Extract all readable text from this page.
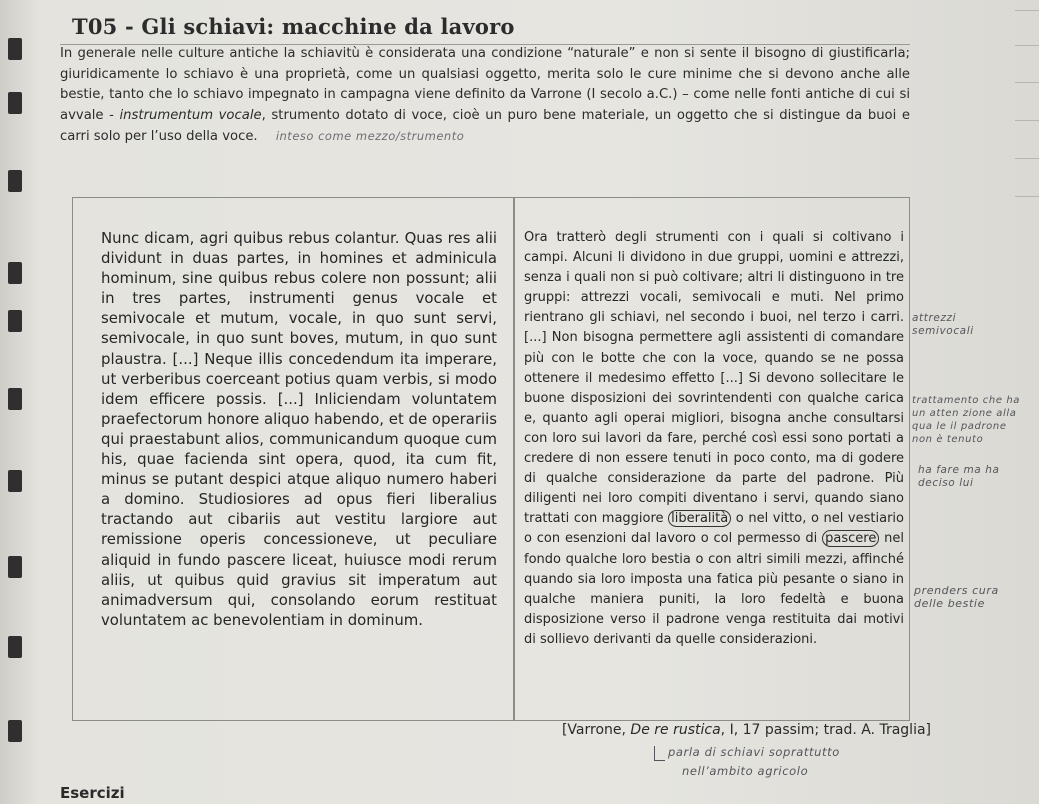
T05 - Gli schiavi: macchine da lavoro

In generale nelle culture antiche la schiavitù è considerata una condizione “naturale” e non si sente il bisogno di giustificarla; giuridicamente lo schiavo è una proprietà, come un qualsiasi oggetto, merita solo le cure minime che si devono anche alle bestie, tanto che lo schiavo impegnato in campagna viene definito da Varrone (I secolo a.C.) – come nelle fonti antiche di cui si avvale - instrumentum vocale, strumento dotato di voce, cioè un puro bene materiale, un oggetto che si distingue da buoi e carri solo per l’uso della voce. inteso come mezzo/strumento

Nunc dicam, agri quibus rebus colantur. Quas res alii dividunt in duas partes, in homines et adminicula hominum, sine quibus rebus colere non possunt; alii in tres partes, instrumenti genus vocale et semivocale et mutum, vocale, in quo sunt servi, semivocale, in quo sunt boves, mutum, in quo sunt plaustra. [...] Neque illis concedendum ita imperare, ut verberibus coerceant potius quam verbis, si modo idem efficere possis. [...] Inliciendam voluntatem praefectorum honore aliquo habendo, et de operariis qui praestabunt alios, communicandum quoque cum his, quae facienda sint opera, quod, ita cum fit, minus se putant despici atque aliquo numero haberi a domino. Studiosiores ad opus fieri liberalius tractando aut cibariis aut vestitu largiore aut remissione operis concessioneve, ut peculiare aliquid in fundo pascere liceat, huiusce modi rerum aliis, ut quibus quid gravius sit imperatum aut animadversum qui, consolando eorum restituat voluntatem ac benevolentiam in dominum.

Ora tratterò degli strumenti con i quali si coltivano i campi. Alcuni li dividono in due gruppi, uomini e attrezzi, senza i quali non si può coltivare; altri li distinguono in tre gruppi: attrezzi vocali, semivocali e muti. Nel primo rientrano gli schiavi, nel secondo i buoi, nel terzo i carri. [...] Non bisogna permettere agli assistenti di comandare più con le botte che con la voce, quando se ne possa ottenere il medesimo effetto [...] Si devono sollecitare le buone disposizioni dei sovrintendenti con qualche carica e, quanto agli operai migliori, bisogna anche consultarsi con loro sui lavori da fare, perché così essi sono portati a credere di non essere tenuti in poco conto, ma di godere di qualche considerazione da parte del padrone. Più diligenti nei loro compiti diventano i servi, quando siano trattati con maggiore liberalità o nel vitto, o nel vestiario o con esenzioni dal lavoro o col permesso di pascere nel fondo qualche loro bestia o con altri simili mezzi, affinché quando sia loro imposta una fatica più pesante o siano in qualche maniera puniti, la loro fedeltà e buona disposizione verso il padrone venga restituita dai motivi di sollievo derivanti da quelle considerazioni.

[Varrone, De re rustica, I, 17 passim; trad. A. Traglia]

attrezzi semivocali
trattamento che ha un atten zione alla qua le il padrone non è tenuto
ha fare ma ha deciso lui
prenders cura delle bestie
parla di schiavi soprattutto
nell’ambito agricolo
Esercizi
